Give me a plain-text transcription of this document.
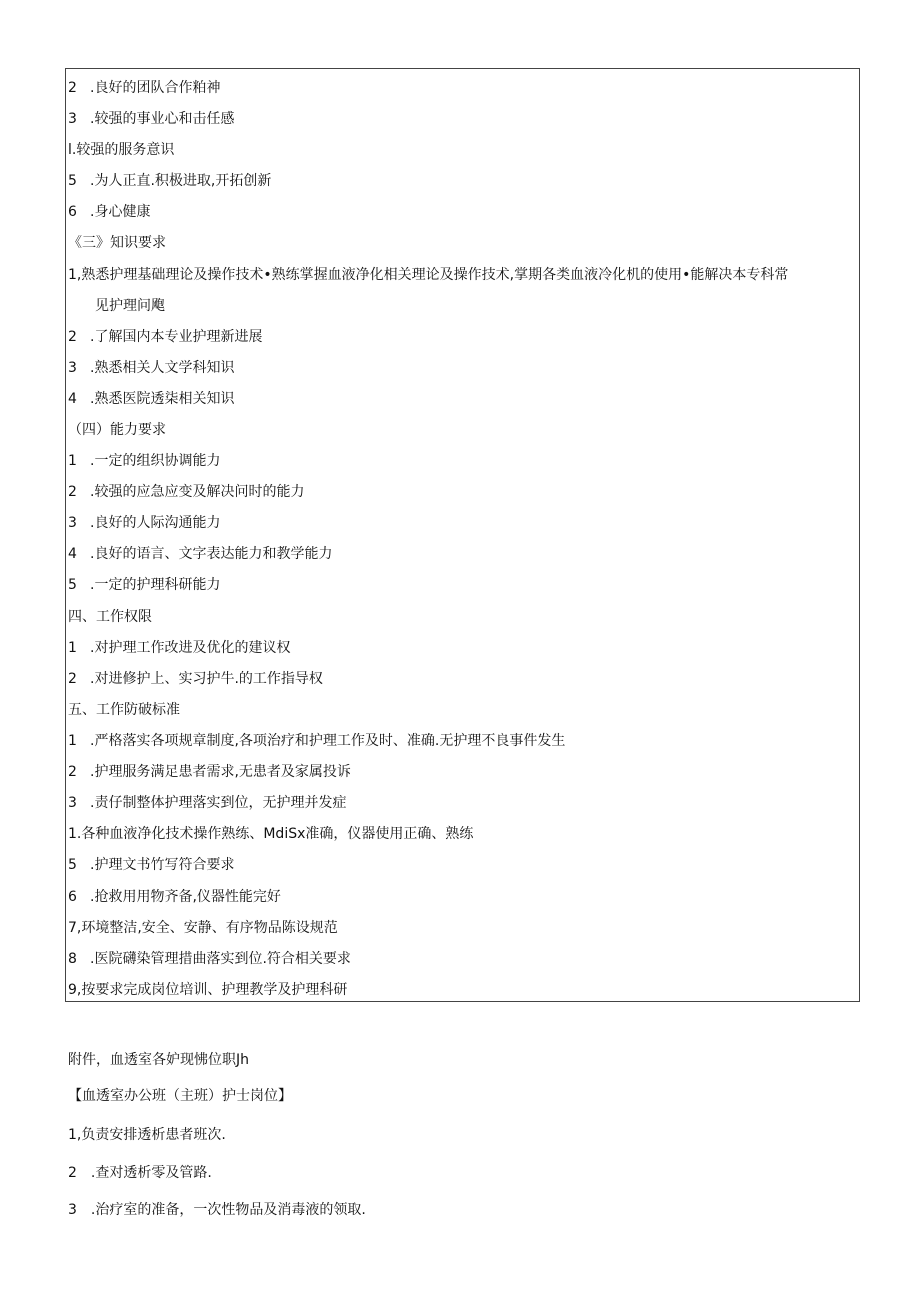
2 .良好的团队合作粕神
3 .较强的事业心和击任感
l.较强的服务意识
5 .为人正直.积极进取,开拓创新
6 .身心健康
《三》知识要求
1,熟悉护理基础理论及操作技术•熟练掌握血液净化相关理论及操作技术,掌期各类血液冷化机的使用•能解决本专科常
见护理问飑
2 .了解国内本专业护理新进展
3 .熟悉相关人文学科知识
4 .熟悉医院透柒相关知识
（四）能力要求
1 .一定的组织协调能力
2 .较强的应急应变及解决问时的能力
3 .良好的人际沟通能力
4 .良好的语言、文字表达能力和教学能力
5 .一定的护理科研能力
四、工作权限
1 .对护理工作改进及优化的建议权
2 .对进修护上、实习护牛.的工作指导权
五、工作防破标准
1 .严格落实各项规章制度,各项治疗和护理工作及时、准确.无护理不良事件发生
2 .护理服务满足患者需求,无患者及家属投诉
3 .责仔制整体护理落实到位，无护理并发症
1.各种血液净化技术操作熟练、MdiSx准确，仪器使用正确、熟练
5 .护理文书竹写符合要求
6 .抢救用用物齐备,仪器性能完好
7,环境整洁,安全、安静、有序物品陈设规范
8 .医院礴染管理措曲落实到位.符合相关要求
9,按要求完成岗位培训、护理教学及护理科研
附件，血透室各妒现怫位职Jh
【血透室办公班（主班）护士岗位】
1,负责安排透析患者班次.
2　.查对透析零及管路.
3　.治疗室的准备，一次性物品及消毒液的领取.
